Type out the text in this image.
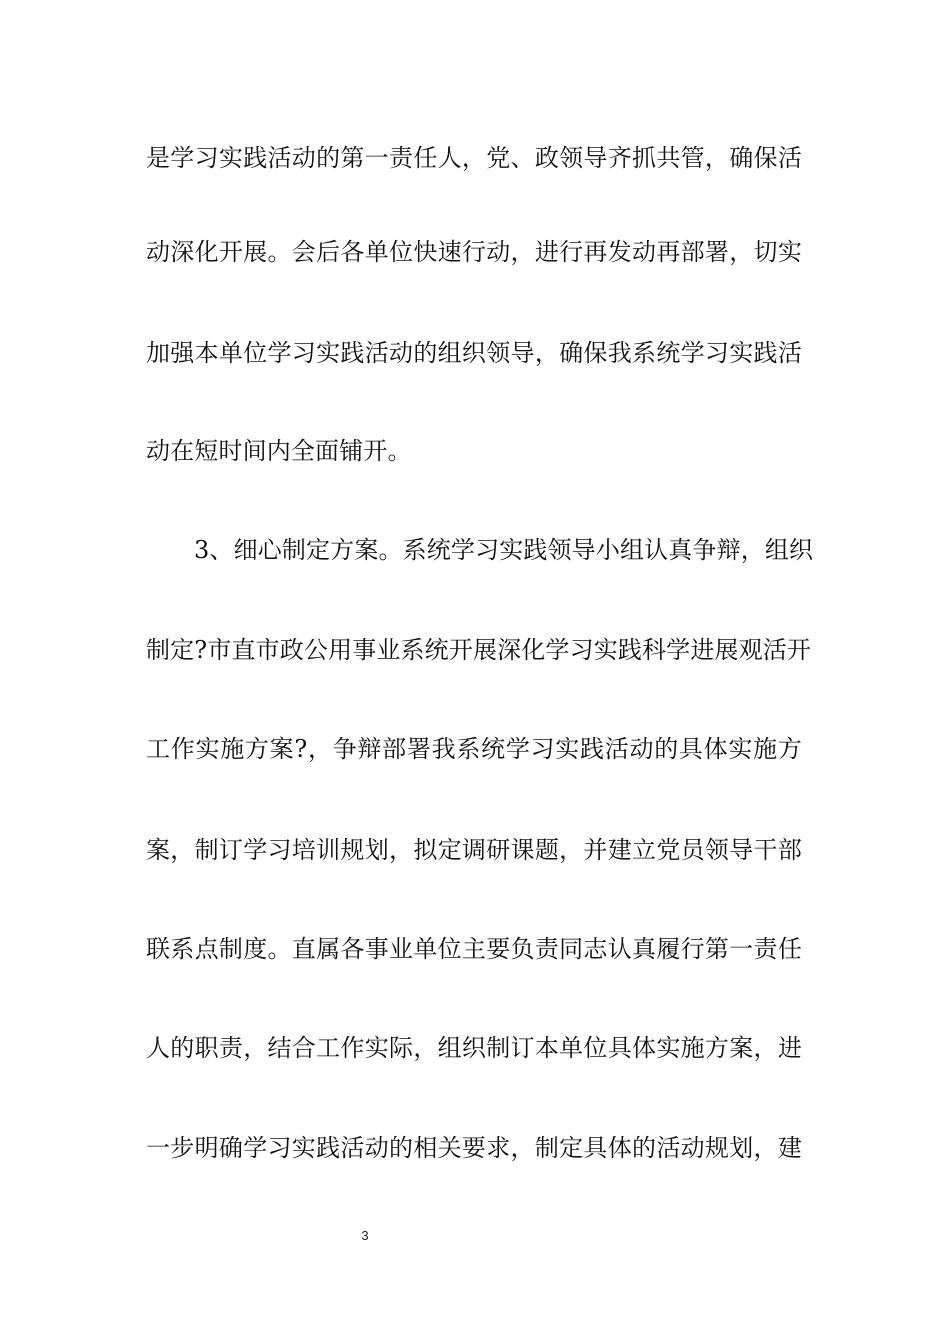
是学习实践活动的第一责任人，党、政领导齐抓共管，确保活
动深化开展。会后各单位快速行动，进行再发动再部署，切实
加强本单位学习实践活动的组织领导，确保我系统学习实践活
动在短时间内全面铺开。
3、细心制定方案。系统学习实践领导小组认真争辩，组织
制定?市直市政公用事业系统开展深化学习实践科学进展观活开
工作实施方案?，争辩部署我系统学习实践活动的具体实施方
案，制订学习培训规划，拟定调研课题，并建立党员领导干部
联系点制度。直属各事业单位主要负责同志认真履行第一责任
人的职责，结合工作实际，组织制订本单位具体实施方案，进
一步明确学习实践活动的相关要求，制定具体的活动规划，建
3
